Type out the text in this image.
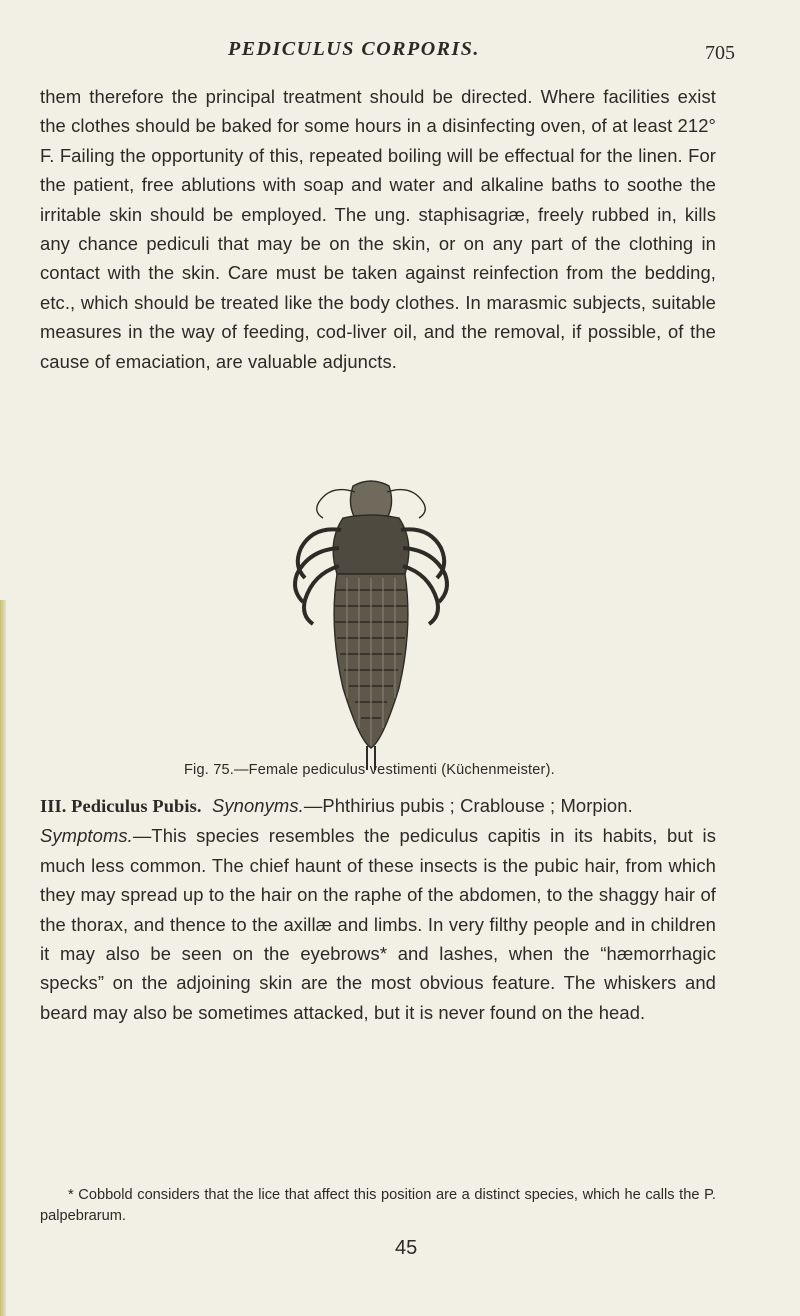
PEDICULUS CORPORIS.	705

them therefore the principal treatment should be directed. Where facilities exist the clothes should be baked for some hours in a disinfecting oven, of at least 212° F. Failing the opportunity of this, repeated boiling will be effectual for the linen. For the patient, free ablutions with soap and water and alkaline baths to soothe the irritable skin should be employed. The ung. staphisagriæ, freely rubbed in, kills any chance pediculi that may be on the skin, or on any part of the clothing in contact with the skin. Care must be taken against reinfection from the bedding, etc., which should be treated like the body clothes. In marasmic subjects, suitable measures in the way of feeding, cod-liver oil, and the removal, if possible, of the cause of emaciation, are valuable adjuncts.

Fig. 75.—Female pediculus vestimenti (Küchenmeister).

III. Pediculus Pubis. Synonyms.—Phthirius pubis ; Crablouse ; Morpion.
Symptoms.—This species resembles the pediculus capitis in its habits, but is much less common. The chief haunt of these insects is the pubic hair, from which they may spread up to the hair on the raphe of the abdomen, to the shaggy hair of the thorax, and thence to the axillæ and limbs. In very filthy people and in children it may also be seen on the eyebrows* and lashes, when the “hæmorrhagic specks” on the adjoining skin are the most obvious feature. The whiskers and beard may also be sometimes attacked, but it is never found on the head.

* Cobbold considers that the lice that affect this position are a distinct species, which he calls the P. palpebrarum.

45
